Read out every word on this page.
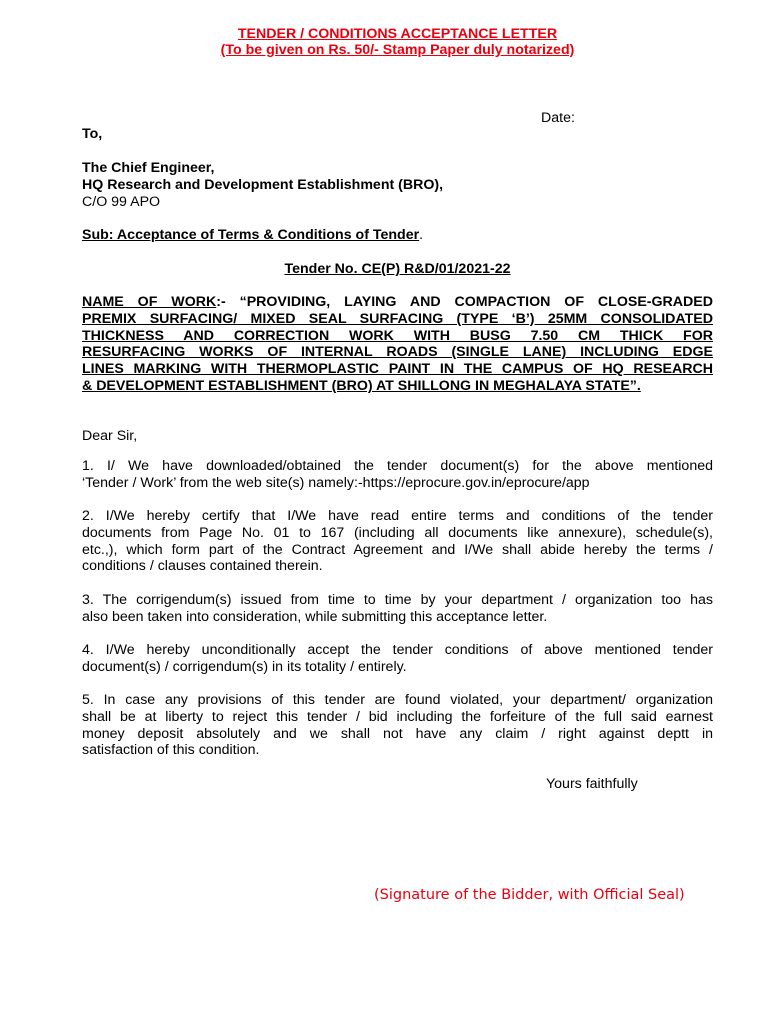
TENDER / CONDITIONS ACCEPTANCE LETTER

(To be given on Rs. 50/- Stamp Paper duly notarized)

Date:

To,

The Chief Engineer,
HQ Research and Development Establishment (BRO),
C/O 99 APO

Sub: Acceptance of Terms & Conditions of Tender.

Tender No. CE(P) R&D/01/2021-22

NAME OF WORK:- “PROVIDING, LAYING AND COMPACTION OF CLOSE-GRADED
PREMIX SURFACING/ MIXED SEAL SURFACING (TYPE ‘B’) 25MM CONSOLIDATED
THICKNESS AND CORRECTION WORK WITH BUSG 7.50 CM THICK FOR
RESURFACING WORKS OF INTERNAL ROADS (SINGLE LANE) INCLUDING EDGE
LINES MARKING WITH THERMOPLASTIC PAINT IN THE CAMPUS OF HQ RESEARCH
& DEVELOPMENT ESTABLISHMENT (BRO) AT SHILLONG IN MEGHALAYA STATE”.

Dear Sir,

1. I/ We have downloaded/obtained the tender document(s) for the above mentioned
‘Tender / Work’ from the web site(s) namely:-https://eprocure.gov.in/eprocure/app
2. I/We hereby certify that I/We have read entire terms and conditions of the tender
documents from Page No. 01 to 167 (including all documents like annexure), schedule(s),
etc.,), which form part of the Contract Agreement and I/We shall abide hereby the terms /
conditions / clauses contained therein.
3. The corrigendum(s) issued from time to time by your department / organization too has
also been taken into consideration, while submitting this acceptance letter.
4. I/We hereby unconditionally accept the tender conditions of above mentioned tender
document(s) / corrigendum(s) in its totality / entirely.
5. In case any provisions of this tender are found violated, your department/ organization
shall be at liberty to reject this tender / bid including the forfeiture of the full said earnest
money deposit absolutely and we shall not have any claim / right against deptt in
satisfaction of this condition.

Yours faithfully

(Signature of the Bidder, with Official Seal)
